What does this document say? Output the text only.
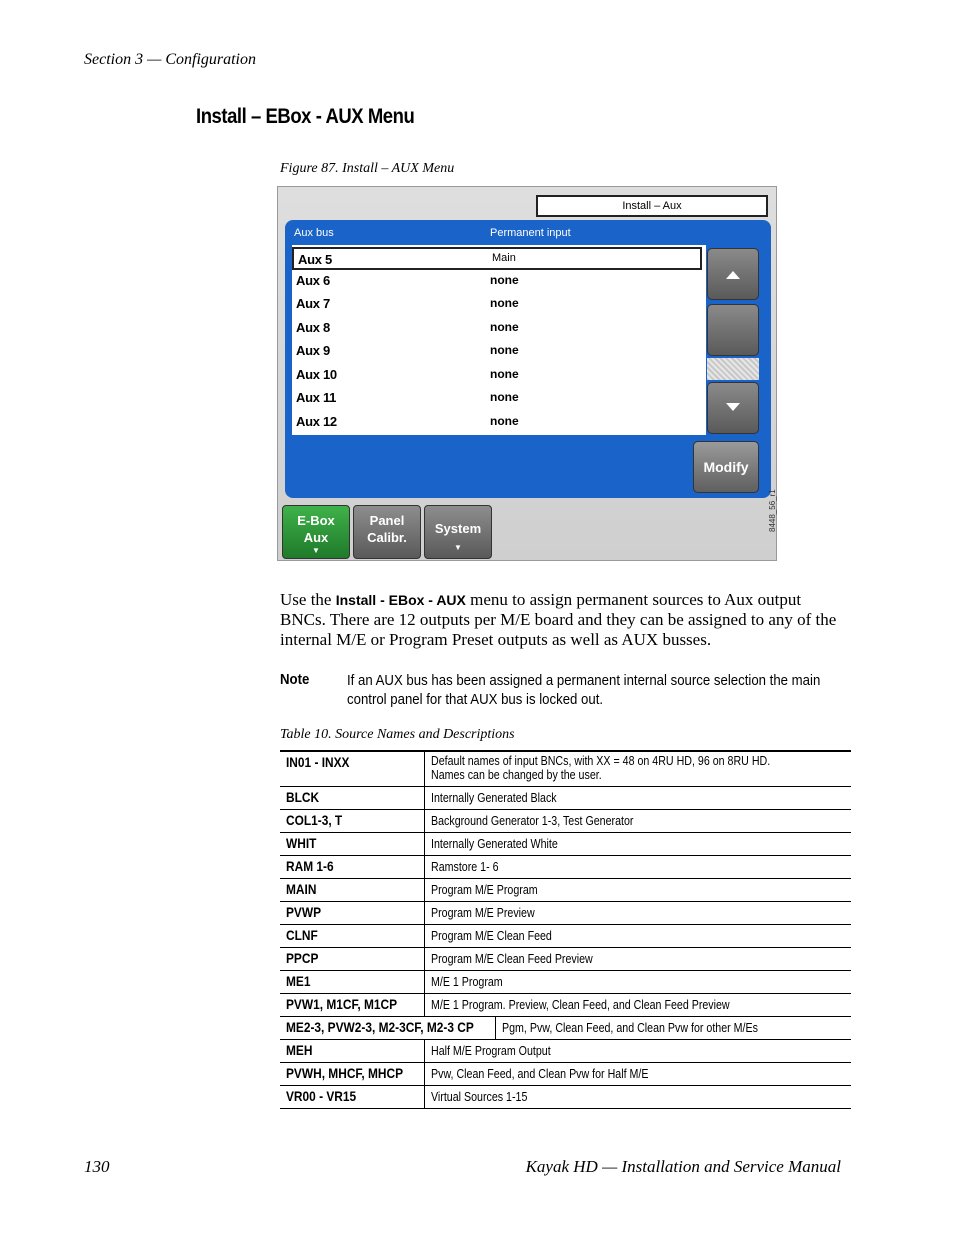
Section 3 — Configuration
Install – EBox - AUX Menu
Figure 87. Install – AUX Menu
Install – Aux
Aux bus	Permanent input
Aux 5	Main
Aux 6	none
Aux 7	none
Aux 8	none
Aux 9	none
Aux 10	none
Aux 11	none
Aux 12	none
Modify
E-Box
Aux
▼
Panel
Calibr.
System
▼
8448_56_r1
Use the Install - EBox - AUX menu to assign permanent sources to Aux output BNCs. There are 12 outputs per M/E board and they can be assigned to any of the internal M/E or Program Preset outputs as well as AUX busses.
Note	If an AUX bus has been assigned a permanent internal source selection the main control panel for that AUX bus is locked out.
Table 10. Source Names and Descriptions
IN01 - INXX	Default names of input BNCs, with XX = 48 on 4RU HD, 96 on 8RU HD. Names can be changed by the user.
BLCK	Internally Generated Black
COL1-3, T	Background Generator 1-3, Test Generator
WHIT	Internally Generated White
RAM 1-6	Ramstore 1- 6
MAIN	Program M/E Program
PVWP	Program M/E Preview
CLNF	Program M/E Clean Feed
PPCP	Program M/E Clean Feed Preview
ME1	M/E 1 Program
PVW1, M1CF, M1CP	M/E 1 Program. Preview, Clean Feed, and Clean Feed Preview
ME2-3, PVW2-3, M2-3CF, M2-3 CP	Pgm, Pvw, Clean Feed, and Clean Pvw for other M/Es
MEH	Half M/E Program Output
PVWH, MHCF, MHCP	Pvw, Clean Feed, and Clean Pvw for Half M/E
VR00 - VR15	Virtual Sources 1-15
130	Kayak HD — Installation and Service Manual
